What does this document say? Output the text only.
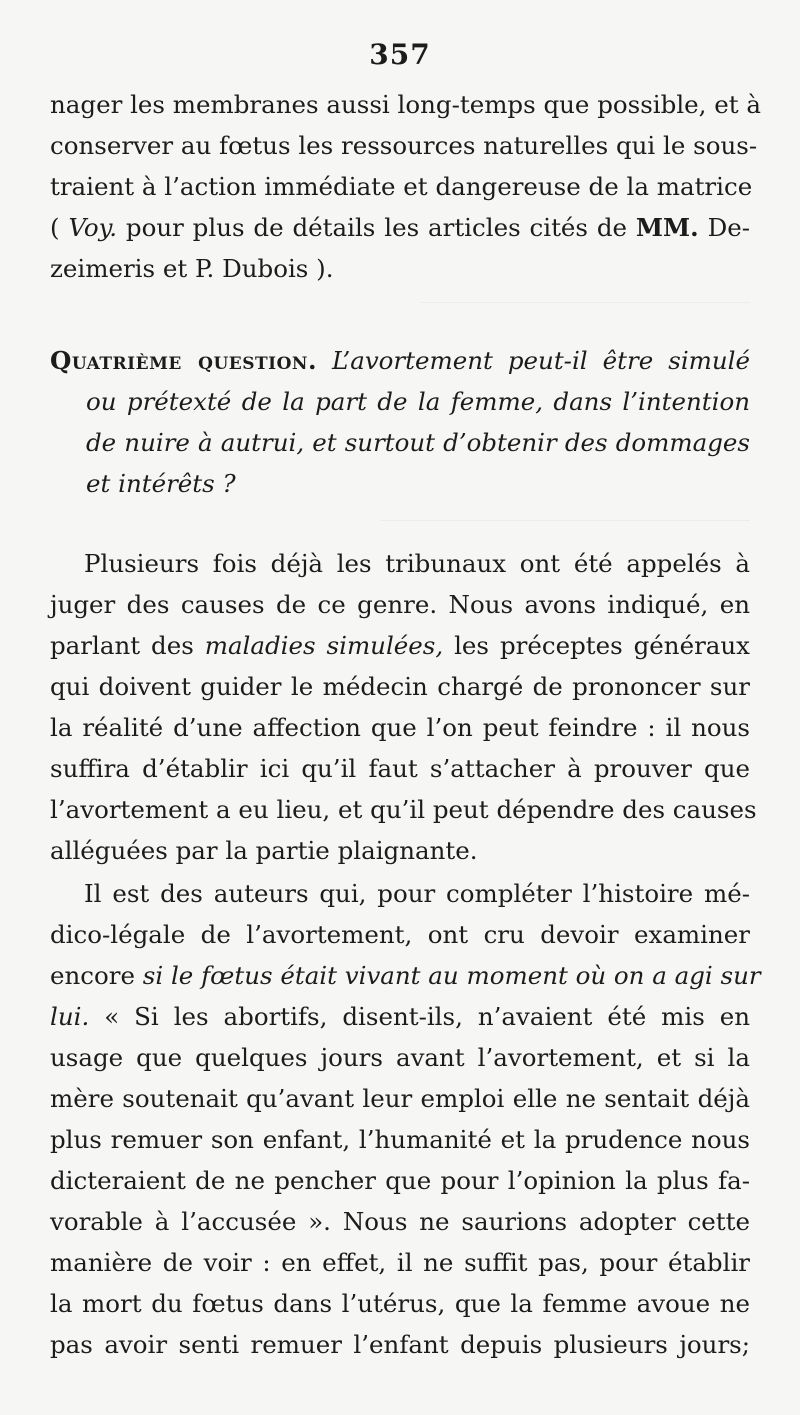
357
nager les membranes aussi long-temps que possible, et à
conserver au fœtus les ressources naturelles qui le sous-
traient à l’action immédiate et dangereuse de la matrice
( Voy. pour plus de détails les articles cités de MM. De-
zeimeris et P. Dubois ).
Quatrième question. L’avortement peut-il être simulé
ou prétexté de la part de la femme, dans l’intention
de nuire à autrui, et surtout d’obtenir des dommages
et intérêts ?
Plusieurs fois déjà les tribunaux ont été appelés à
juger des causes de ce genre. Nous avons indiqué, en
parlant des maladies simulées, les préceptes généraux
qui doivent guider le médecin chargé de prononcer sur
la réalité d’une affection que l’on peut feindre : il nous
suffira d’établir ici qu’il faut s’attacher à prouver que
l’avortement a eu lieu, et qu’il peut dépendre des causes
alléguées par la partie plaignante.
Il est des auteurs qui, pour compléter l’histoire mé-
dico-légale de l’avortement, ont cru devoir examiner
encore si le fœtus était vivant au moment où on a agi sur
lui. « Si les abortifs, disent-ils, n’avaient été mis en
usage que quelques jours avant l’avortement, et si la
mère soutenait qu’avant leur emploi elle ne sentait déjà
plus remuer son enfant, l’humanité et la prudence nous
dicteraient de ne pencher que pour l’opinion la plus fa-
vorable à l’accusée ». Nous ne saurions adopter cette
manière de voir : en effet, il ne suffit pas, pour établir
la mort du fœtus dans l’utérus, que la femme avoue ne
pas avoir senti remuer l’enfant depuis plusieurs jours;
